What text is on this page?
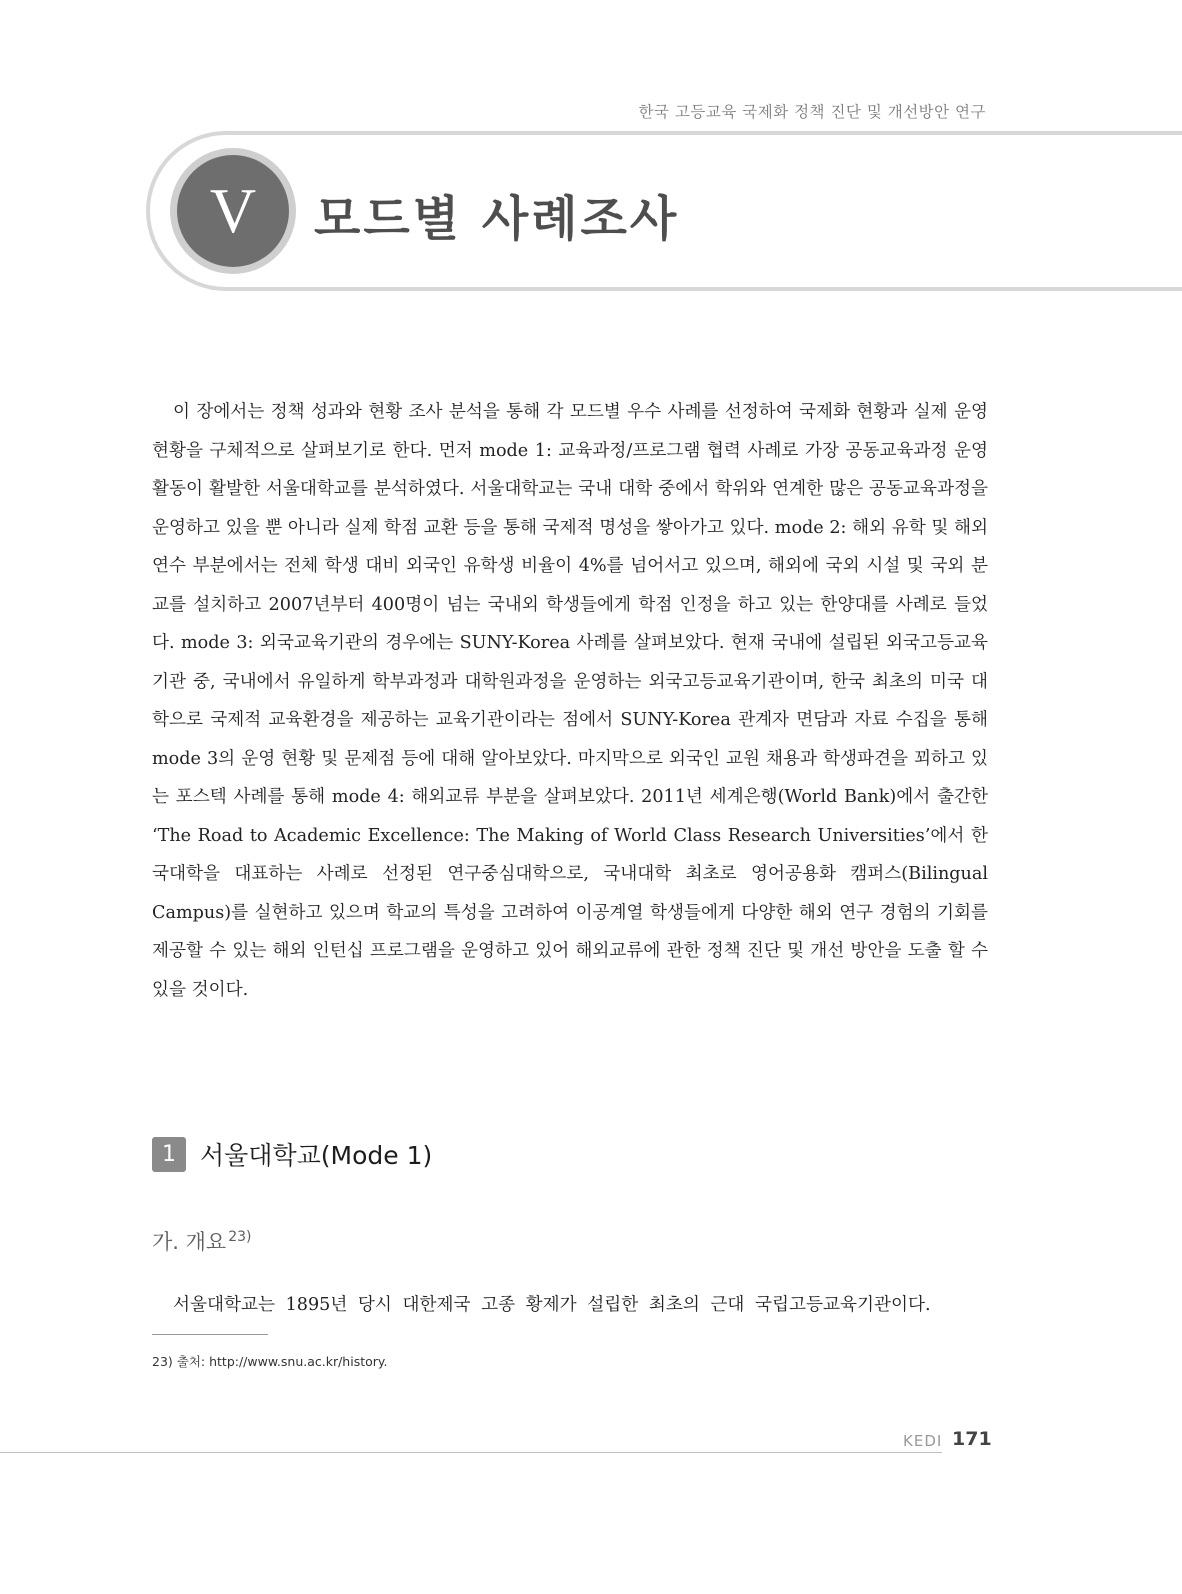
한국 고등교육 국제화 정책 진단 및 개선방안 연구
V	모드별 사례조사

이 장에서는 정책 성과와 현황 조사 분석을 통해 각 모드별 우수 사례를 선정하여 국제화 현황과 실제 운영 현황을 구체적으로 살펴보기로 한다. 먼저 mode 1: 교육과정/프로그램 협력 사례로 가장 공동교육과정 운영 활동이 활발한 서울대학교를 분석하였다. 서울대학교는 국내 대학 중에서 학위와 연계한 많은 공동교육과정을 운영하고 있을 뿐 아니라 실제 학점 교환 등을 통해 국제적 명성을 쌓아가고 있다. mode 2: 해외 유학 및 해외 연수 부분에서는 전체 학생 대비 외국인 유학생 비율이 4%를 넘어서고 있으며, 해외에 국외 시설 및 국외 분교를 설치하고 2007년부터 400명이 넘는 국내외 학생들에게 학점 인정을 하고 있는 한양대를 사례로 들었다. mode 3: 외국교육기관의 경우에는 SUNY-Korea 사례를 살펴보았다. 현재 국내에 설립된 외국고등교육기관 중, 국내에서 유일하게 학부과정과 대학원과정을 운영하는 외국고등교육기관이며, 한국 최초의 미국 대학으로 국제적 교육환경을 제공하는 교육기관이라는 점에서 SUNY-Korea 관계자 면담과 자료 수집을 통해 mode 3의 운영 현황 및 문제점 등에 대해 알아보았다. 마지막으로 외국인 교원 채용과 학생파견을 꾀하고 있는 포스텍 사례를 통해 mode 4: 해외교류 부분을 살펴보았다. 2011년 세계은행(World Bank)에서 출간한 ‘The Road to Academic Excellence: The Making of World Class Research Universities’에서 한국대학을 대표하는 사례로 선정된 연구중심대학으로, 국내대학 최초로 영어공용화 캠퍼스(Bilingual Campus)를 실현하고 있으며 학교의 특성을 고려하여 이공계열 학생들에게 다양한 해외 연구 경험의 기회를 제공할 수 있는 해외 인턴십 프로그램을 운영하고 있어 해외교류에 관한 정책 진단 및 개선 방안을 도출 할 수 있을 것이다.

1 서울대학교(Mode 1)
가. 개요 $^{23)}$

서울대학교는 1895년 당시 대한제국 고종 황제가 설립한 최초의 근대 국립고등교육기관이다.

23) 출처: http://www.snu.ac.kr/history.
KEDI 171
